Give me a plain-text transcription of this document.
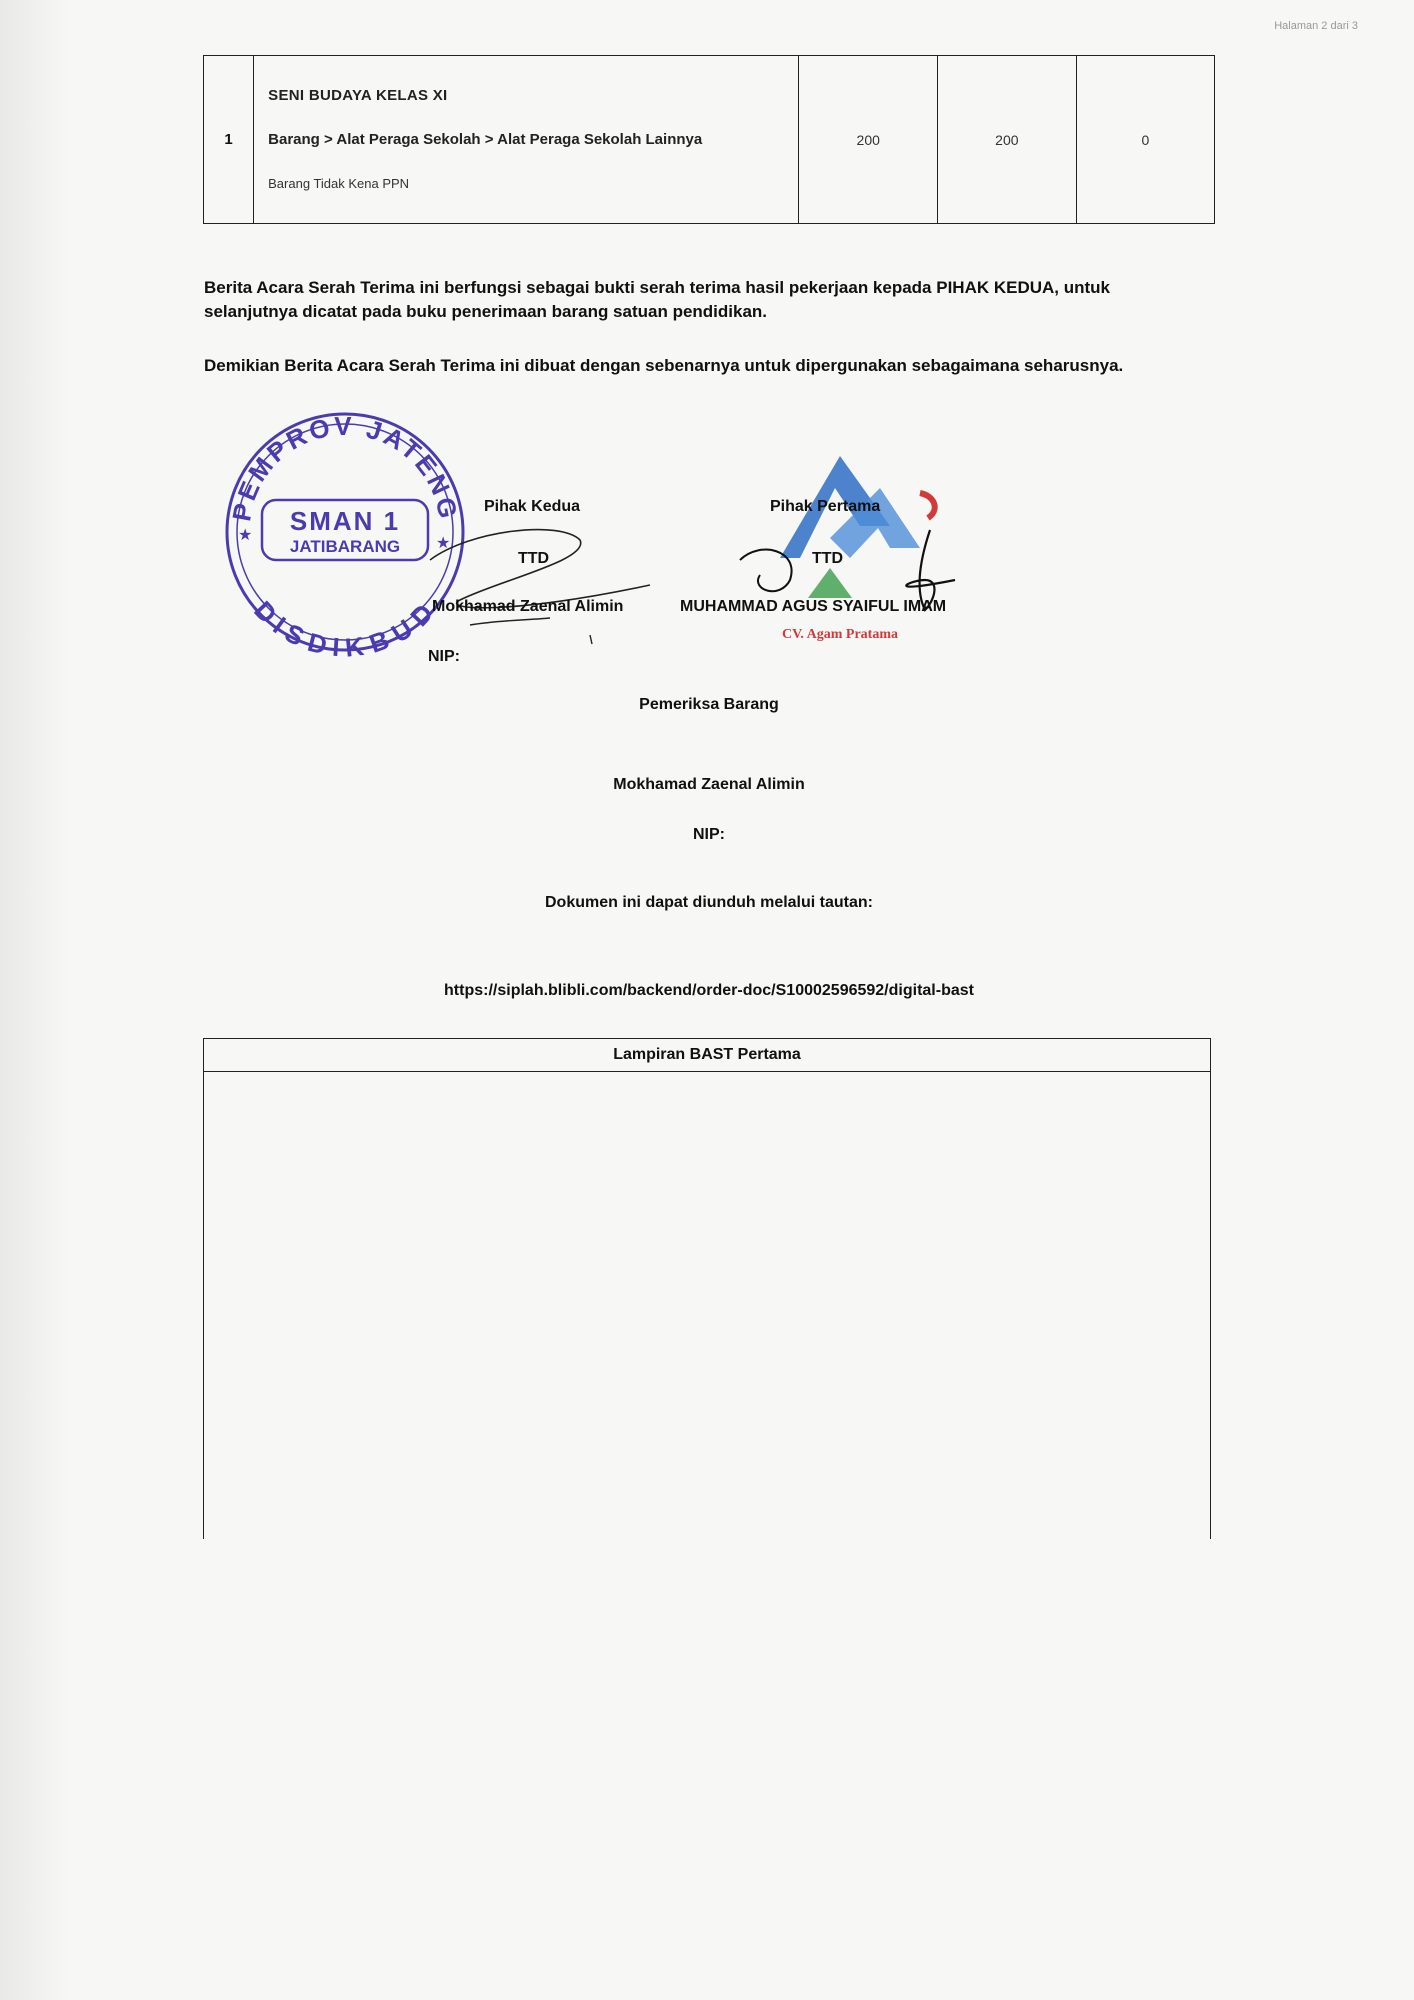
Halaman 2 dari 3
1	
SENI BUDAYA KELAS XI
Barang > Alat Peraga Sekolah > Alat Peraga Sekolah Lainnya
Barang Tidak Kena PPN
	200	200	0
Berita Acara Serah Terima ini berfungsi sebagai bukti serah terima hasil pekerjaan kepada PIHAK KEDUA, untuk selanjutnya dicatat pada buku penerimaan barang satuan pendidikan.
Demikian Berita Acara Serah Terima ini dibuat dengan sebenarnya untuk dipergunakan sebagaimana seharusnya.
PEMPROV JATENG
DISDIKBUD
SMAN 1
JATIBARANG
★	★
CV. Agam Pratama
Pihak Kedua
TTD
Mokhamad Zaenal Alimin
NIP:
Pihak Pertama
TTD
MUHAMMAD AGUS SYAIFUL IMAM
Pemeriksa Barang
Mokhamad Zaenal Alimin
NIP:
Dokumen ini dapat diunduh melalui tautan:
https://siplah.blibli.com/backend/order-doc/S10002596592/digital-bast
Lampiran BAST Pertama
